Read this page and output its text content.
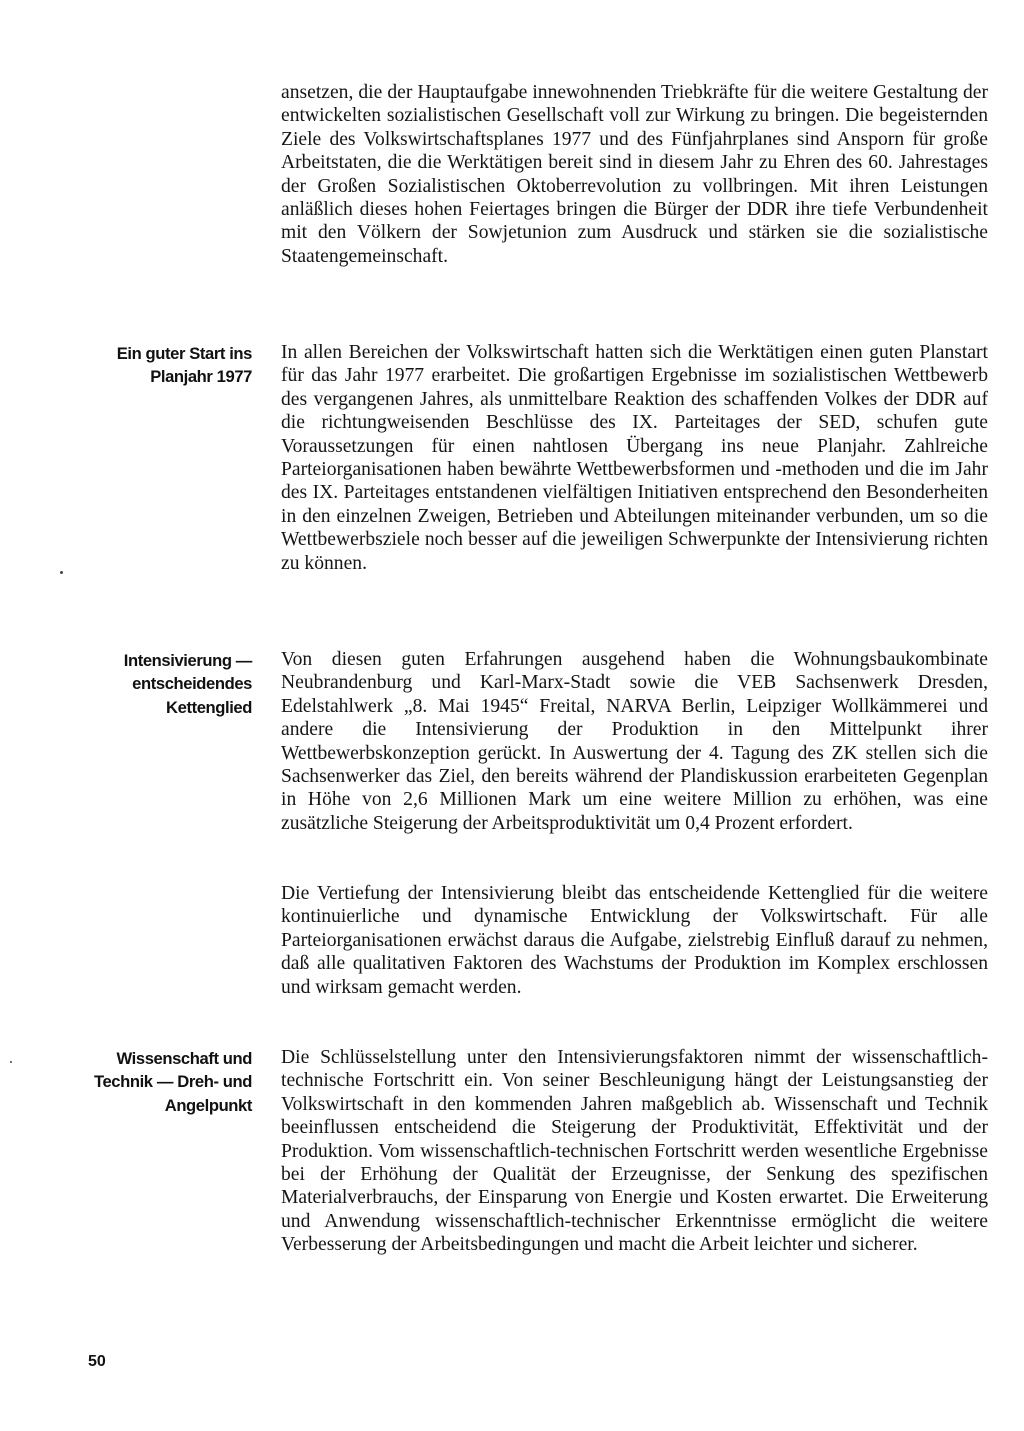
ansetzen, die der Hauptaufgabe innewohnenden Triebkräfte für die weitere Gestaltung der entwickelten sozialistischen Gesellschaft voll zur Wirkung zu bringen. Die begeisternden Ziele des Volkswirtschaftsplanes 1977 und des Fünfjahrplanes sind Ansporn für große Arbeitstaten, die die Werktätigen bereit sind in diesem Jahr zu Ehren des 60. Jahrestages der Großen Sozialistischen Oktoberrevolution zu vollbringen. Mit ihren Leistungen anläßlich dieses hohen Feiertages bringen die Bürger der DDR ihre tiefe Verbundenheit mit den Völkern der Sowjetunion zum Ausdruck und stärken sie die sozialistische Staatengemeinschaft.

Ein guter Start ins Planjahr 1977

In allen Bereichen der Volkswirtschaft hatten sich die Werktätigen einen guten Planstart für das Jahr 1977 erarbeitet. Die großartigen Ergebnisse im sozialistischen Wettbewerb des vergangenen Jahres, als unmittelbare Reaktion des schaffenden Volkes der DDR auf die richtungweisenden Beschlüsse des IX. Parteitages der SED, schufen gute Voraussetzungen für einen nahtlosen Übergang ins neue Planjahr. Zahlreiche Parteiorganisationen haben bewährte Wettbewerbsformen und -methoden und die im Jahr des IX. Parteitages entstandenen vielfältigen Initiativen entsprechend den Besonderheiten in den einzelnen Zweigen, Betrieben und Abteilungen miteinander verbunden, um so die Wettbewerbsziele noch besser auf die jeweiligen Schwerpunkte der Intensivierung richten zu können.

Intensivierung — entscheidendes Kettenglied

Von diesen guten Erfahrungen ausgehend haben die Wohnungsbaukombinate Neubrandenburg und Karl-Marx-Stadt sowie die VEB Sachsenwerk Dresden, Edelstahlwerk „8. Mai 1945“ Freital, NARVA Berlin, Leipziger Wollkämmerei und andere die Intensivierung der Produktion in den Mittelpunkt ihrer Wettbewerbskonzeption gerückt. In Auswertung der 4. Tagung des ZK stellen sich die Sachsenwerker das Ziel, den bereits während der Plandiskussion erarbeiteten Gegenplan in Höhe von 2,6 Millionen Mark um eine weitere Million zu erhöhen, was eine zusätzliche Steigerung der Arbeitsproduktivität um 0,4 Prozent erfordert.

Die Vertiefung der Intensivierung bleibt das entscheidende Kettenglied für die weitere kontinuierliche und dynamische Entwicklung der Volkswirtschaft. Für alle Parteiorganisationen erwächst daraus die Aufgabe, zielstrebig Einfluß darauf zu nehmen, daß alle qualitativen Faktoren des Wachstums der Produktion im Komplex erschlossen und wirksam gemacht werden.

Wissenschaft und Technik — Dreh- und Angelpunkt

Die Schlüsselstellung unter den Intensivierungsfaktoren nimmt der wissenschaftlich-technische Fortschritt ein. Von seiner Beschleunigung hängt der Leistungsanstieg der Volkswirtschaft in den kommenden Jahren maßgeblich ab. Wissenschaft und Technik beeinflussen entscheidend die Steigerung der Produktivität, Effektivität und der Produktion. Vom wissenschaftlich-technischen Fortschritt werden wesentliche Ergebnisse bei der Erhöhung der Qualität der Erzeugnisse, der Senkung des spezifischen Materialverbrauchs, der Einsparung von Energie und Kosten erwartet. Die Erweiterung und Anwendung wissenschaftlich-technischer Erkenntnisse ermöglicht die weitere Verbesserung der Arbeitsbedingungen und macht die Arbeit leichter und sicherer.

50
